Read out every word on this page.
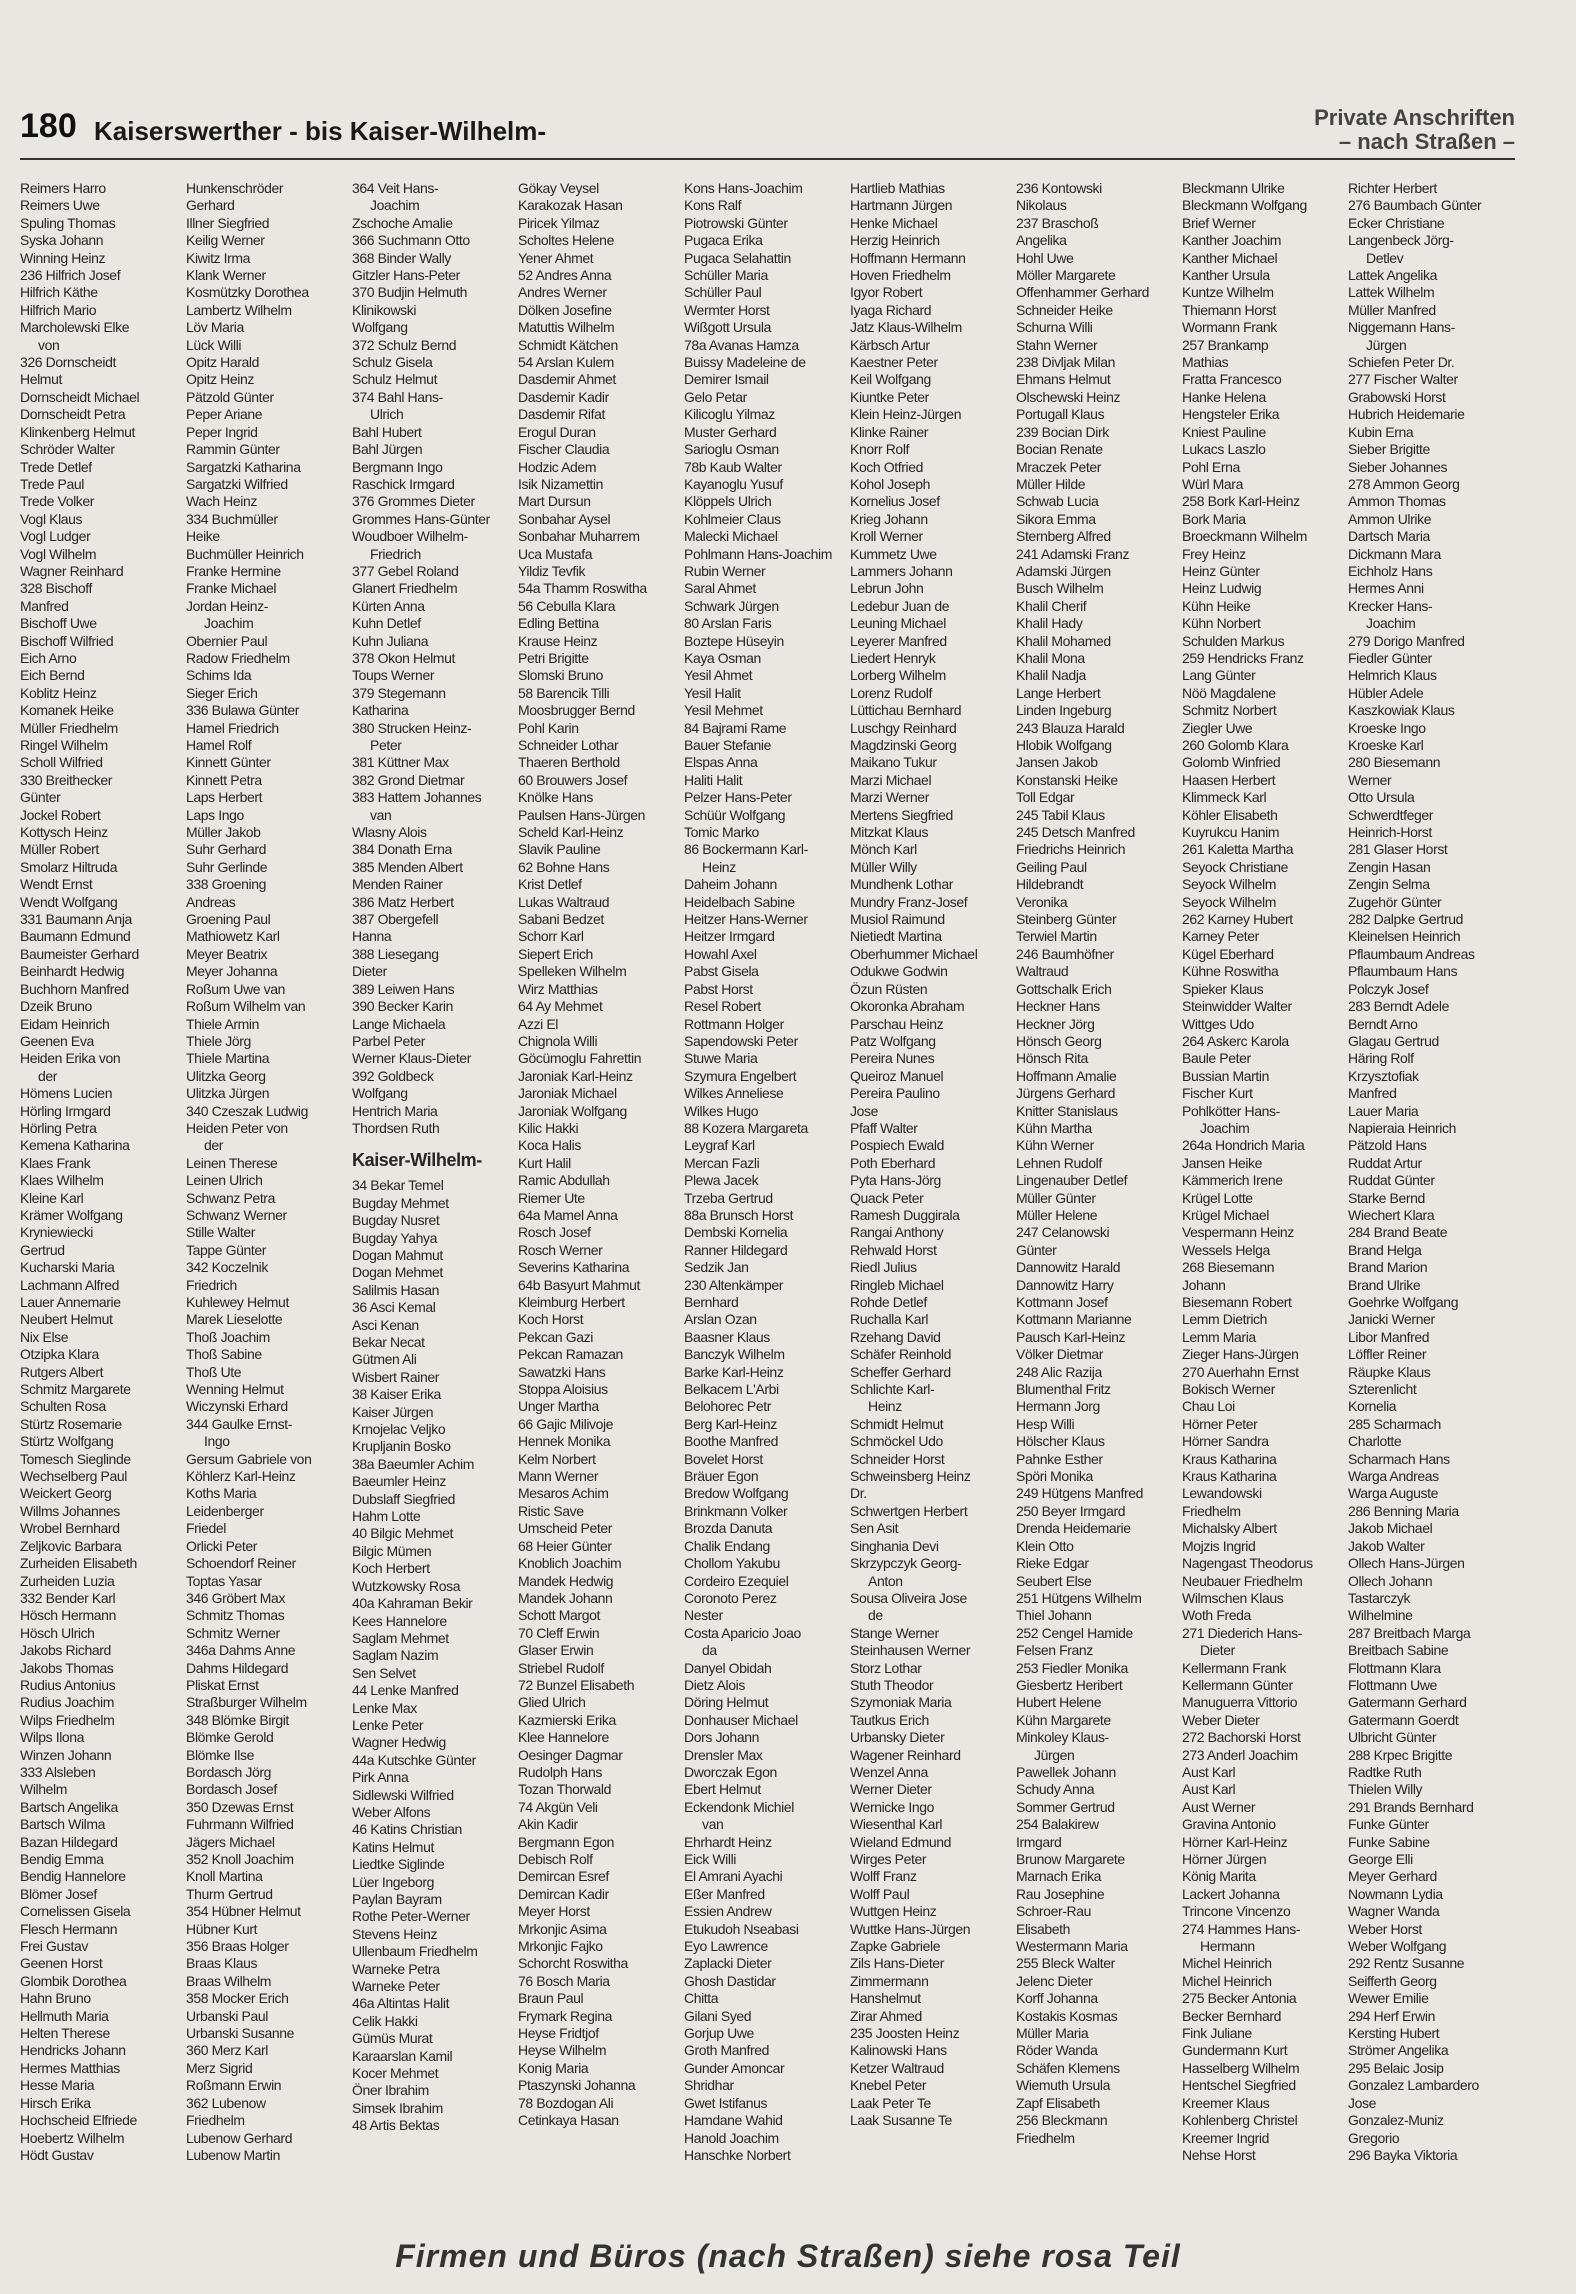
180 Kaiserswerther - bis Kaiser-Wilhelm-	Private Anschriften
– nach Straßen –
Reimers Harro
Reimers Uwe
Spuling Thomas
Syska Johann
Winning Heinz
236 Hilfrich Josef
Hilfrich Käthe
Hilfrich Mario
Marcholewski Elke
von
326 Dornscheidt
Helmut
Dornscheidt Michael
Dornscheidt Petra
Klinkenberg Helmut
Schröder Walter
Trede Detlef
Trede Paul
Trede Volker
Vogl Klaus
Vogl Ludger
Vogl Wilhelm
Wagner Reinhard
328 Bischoff
Manfred
Bischoff Uwe
Bischoff Wilfried
Eich Arno
Eich Bernd
Koblitz Heinz
Komanek Heike
Müller Friedhelm
Ringel Wilhelm
Scholl Wilfried
330 Breithecker
Günter
Jockel Robert
Kottysch Heinz
Müller Robert
Smolarz Hiltruda
Wendt Ernst
Wendt Wolfgang
331 Baumann Anja
Baumann Edmund
Baumeister Gerhard
Beinhardt Hedwig
Buchhorn Manfred
Dzeik Bruno
Eidam Heinrich
Geenen Eva
Heiden Erika von
der
Hömens Lucien
Hörling Irmgard
Hörling Petra
Kemena Katharina
Klaes Frank
Klaes Wilhelm
Kleine Karl
Krämer Wolfgang
Kryniewiecki
Gertrud
Kucharski Maria
Lachmann Alfred
Lauer Annemarie
Neubert Helmut
Nix Else
Otzipka Klara
Rutgers Albert
Schmitz Margarete
Schulten Rosa
Stürtz Rosemarie
Stürtz Wolfgang
Tomesch Sieglinde
Wechselberg Paul
Weickert Georg
Willms Johannes
Wrobel Bernhard
Zeljkovic Barbara
Zurheiden Elisabeth
Zurheiden Luzia
332 Bender Karl
Hösch Hermann
Hösch Ulrich
Jakobs Richard
Jakobs Thomas
Rudius Antonius
Rudius Joachim
Wilps Friedhelm
Wilps Ilona
Winzen Johann
333 Alsleben
Wilhelm
Bartsch Angelika
Bartsch Wilma
Bazan Hildegard
Bendig Emma
Bendig Hannelore
Blömer Josef
Cornelissen Gisela
Flesch Hermann
Frei Gustav
Geenen Horst
Glombik Dorothea
Hahn Bruno
Hellmuth Maria
Helten Therese
Hendricks Johann
Hermes Matthias
Hesse Maria
Hirsch Erika
Hochscheid Elfriede
Hoebertz Wilhelm
Hödt Gustav
Hunkenschröder
Gerhard
Illner Siegfried
Keilig Werner
Kiwitz Irma
Klank Werner
Kosmützky Dorothea
Lambertz Wilhelm
Löv Maria
Lück Willi
Opitz Harald
Opitz Heinz
Pätzold Günter
Peper Ariane
Peper Ingrid
Rammin Günter
Sargatzki Katharina
Sargatzki Wilfried
Wach Heinz
334 Buchmüller
Heike
Buchmüller Heinrich
Franke Hermine
Franke Michael
Jordan Heinz-
Joachim
Obernier Paul
Radow Friedhelm
Schims Ida
Sieger Erich
336 Bulawa Günter
Hamel Friedrich
Hamel Rolf
Kinnett Günter
Kinnett Petra
Laps Herbert
Laps Ingo
Müller Jakob
Suhr Gerhard
Suhr Gerlinde
338 Groening
Andreas
Groening Paul
Mathiowetz Karl
Meyer Beatrix
Meyer Johanna
Roßum Uwe van
Roßum Wilhelm van
Thiele Armin
Thiele Jörg
Thiele Martina
Ulitzka Georg
Ulitzka Jürgen
340 Czeszak Ludwig
Heiden Peter von
der
Leinen Therese
Leinen Ulrich
Schwanz Petra
Schwanz Werner
Stille Walter
Tappe Günter
342 Koczelnik
Friedrich
Kuhlewey Helmut
Marek Lieselotte
Thoß Joachim
Thoß Sabine
Thoß Ute
Wenning Helmut
Wiczynski Erhard
344 Gaulke Ernst-
Ingo
Gersum Gabriele von
Köhlerz Karl-Heinz
Koths Maria
Leidenberger
Friedel
Orlicki Peter
Schoendorf Reiner
Toptas Yasar
346 Gröbert Max
Schmitz Thomas
Schmitz Werner
346a Dahms Anne
Dahms Hildegard
Pliskat Ernst
Straßburger Wilhelm
348 Blömke Birgit
Blömke Gerold
Blömke Ilse
Bordasch Jörg
Bordasch Josef
350 Dzewas Ernst
Fuhrmann Wilfried
Jägers Michael
352 Knoll Joachim
Knoll Martina
Thurm Gertrud
354 Hübner Helmut
Hübner Kurt
356 Braas Holger
Braas Klaus
Braas Wilhelm
358 Mocker Erich
Urbanski Paul
Urbanski Susanne
360 Merz Karl
Merz Sigrid
Roßmann Erwin
362 Lubenow
Friedhelm
Lubenow Gerhard
Lubenow Martin
364 Veit Hans-
Joachim
Zschoche Amalie
366 Suchmann Otto
368 Binder Wally
Gitzler Hans-Peter
370 Budjin Helmuth
Klinikowski
Wolfgang
372 Schulz Bernd
Schulz Gisela
Schulz Helmut
374 Bahl Hans-
Ulrich
Bahl Hubert
Bahl Jürgen
Bergmann Ingo
Raschick Irmgard
376 Grommes Dieter
Grommes Hans-Günter
Woudboer Wilhelm-
Friedrich
377 Gebel Roland
Glanert Friedhelm
Kürten Anna
Kuhn Detlef
Kuhn Juliana
378 Okon Helmut
Toups Werner
379 Stegemann
Katharina
380 Strucken Heinz-
Peter
381 Küttner Max
382 Grond Dietmar
383 Hattem Johannes
van
Wlasny Alois
384 Donath Erna
385 Menden Albert
Menden Rainer
386 Matz Herbert
387 Obergefell
Hanna
388 Liesegang
Dieter
389 Leiwen Hans
390 Becker Karin
Lange Michaela
Parbel Peter
Werner Klaus-Dieter
392 Goldbeck
Wolfgang
Hentrich Maria
Thordsen Ruth
Kaiser-Wilhelm-
34 Bekar Temel
Bugday Mehmet
Bugday Nusret
Bugday Yahya
Dogan Mahmut
Dogan Mehmet
Salilmis Hasan
36 Asci Kemal
Asci Kenan
Bekar Necat
Gütmen Ali
Wisbert Rainer
38 Kaiser Erika
Kaiser Jürgen
Krnojelac Veljko
Krupljanin Bosko
38a Baeumler Achim
Baeumler Heinz
Dubslaff Siegfried
Hahm Lotte
40 Bilgic Mehmet
Bilgic Mümen
Koch Herbert
Wutzkowsky Rosa
40a Kahraman Bekir
Kees Hannelore
Saglam Mehmet
Saglam Nazim
Sen Selvet
44 Lenke Manfred
Lenke Max
Lenke Peter
Wagner Hedwig
44a Kutschke Günter
Pirk Anna
Sidlewski Wilfried
Weber Alfons
46 Katins Christian
Katins Helmut
Liedtke Siglinde
Lüer Ingeborg
Paylan Bayram
Rothe Peter-Werner
Stevens Heinz
Ullenbaum Friedhelm
Warneke Petra
Warneke Peter
46a Altintas Halit
Celik Hakki
Gümüs Murat
Karaarslan Kamil
Kocer Mehmet
Öner Ibrahim
Simsek Ibrahim
48 Artis Bektas
Gökay Veysel
Karakozak Hasan
Piricek Yilmaz
Scholtes Helene
Yener Ahmet
52 Andres Anna
Andres Werner
Dölken Josefine
Matuttis Wilhelm
Schmidt Kätchen
54 Arslan Kulem
Dasdemir Ahmet
Dasdemir Kadir
Dasdemir Rifat
Erogul Duran
Fischer Claudia
Hodzic Adem
Isik Nizamettin
Mart Dursun
Sonbahar Aysel
Sonbahar Muharrem
Uca Mustafa
Yildiz Tevfik
54a Thamm Roswitha
56 Cebulla Klara
Edling Bettina
Krause Heinz
Petri Brigitte
Slomski Bruno
58 Barencik Tilli
Moosbrugger Bernd
Pohl Karin
Schneider Lothar
Thaeren Berthold
60 Brouwers Josef
Knölke Hans
Paulsen Hans-Jürgen
Scheld Karl-Heinz
Slavik Pauline
62 Bohne Hans
Krist Detlef
Lukas Waltraud
Sabani Bedzet
Schorr Karl
Siepert Erich
Spelleken Wilhelm
Wirz Matthias
64 Ay Mehmet
Azzi El
Chignola Willi
Göcümoglu Fahrettin
Jaroniak Karl-Heinz
Jaroniak Michael
Jaroniak Wolfgang
Kilic Hakki
Koca Halis
Kurt Halil
Ramic Abdullah
Riemer Ute
64a Mamel Anna
Rosch Josef
Rosch Werner
Severins Katharina
64b Basyurt Mahmut
Kleimburg Herbert
Koch Horst
Pekcan Gazi
Pekcan Ramazan
Sawatzki Hans
Stoppa Aloisius
Unger Martha
66 Gajic Milivoje
Hennek Monika
Kelm Norbert
Mann Werner
Mesaros Achim
Ristic Save
Umscheid Peter
68 Heier Günter
Knoblich Joachim
Mandek Hedwig
Mandek Johann
Schott Margot
70 Cleff Erwin
Glaser Erwin
Striebel Rudolf
72 Bunzel Elisabeth
Glied Ulrich
Kazmierski Erika
Klee Hannelore
Oesinger Dagmar
Rudolph Hans
Tozan Thorwald
74 Akgün Veli
Akin Kadir
Bergmann Egon
Debisch Rolf
Demircan Esref
Demircan Kadir
Meyer Horst
Mrkonjic Asima
Mrkonjic Fajko
Schorcht Roswitha
76 Bosch Maria
Braun Paul
Frymark Regina
Heyse Fridtjof
Heyse Wilhelm
Konig Maria
Ptaszynski Johanna
78 Bozdogan Ali
Cetinkaya Hasan
Kons Hans-Joachim
Kons Ralf
Piotrowski Günter
Pugaca Erika
Pugaca Selahattin
Schüller Maria
Schüller Paul
Wermter Horst
Wißgott Ursula
78a Avanas Hamza
Buissy Madeleine de
Demirer Ismail
Gelo Petar
Kilicoglu Yilmaz
Muster Gerhard
Sarioglu Osman
78b Kaub Walter
Kayanoglu Yusuf
Klöppels Ulrich
Kohlmeier Claus
Malecki Michael
Pohlmann Hans-Joachim
Rubin Werner
Saral Ahmet
Schwark Jürgen
80 Arslan Faris
Boztepe Hüseyin
Kaya Osman
Yesil Ahmet
Yesil Halit
Yesil Mehmet
84 Bajrami Rame
Bauer Stefanie
Elspas Anna
Haliti Halit
Pelzer Hans-Peter
Schüür Wolfgang
Tomic Marko
86 Bockermann Karl-
Heinz
Daheim Johann
Heidelbach Sabine
Heitzer Hans-Werner
Heitzer Irmgard
Howahl Axel
Pabst Gisela
Pabst Horst
Resel Robert
Rottmann Holger
Sapendowski Peter
Stuwe Maria
Szymura Engelbert
Wilkes Anneliese
Wilkes Hugo
88 Kozera Margareta
Leygraf Karl
Mercan Fazli
Plewa Jacek
Trzeba Gertrud
88a Brunsch Horst
Dembski Kornelia
Ranner Hildegard
Sedzik Jan
230 Altenkämper
Bernhard
Arslan Ozan
Baasner Klaus
Banczyk Wilhelm
Barke Karl-Heinz
Belkacem L'Arbi
Belohorec Petr
Berg Karl-Heinz
Boothe Manfred
Bovelet Horst
Bräuer Egon
Bredow Wolfgang
Brinkmann Volker
Brozda Danuta
Chalik Endang
Chollom Yakubu
Cordeiro Ezequiel
Coronoto Perez
Nester
Costa Aparicio Joao
da
Danyel Obidah
Dietz Alois
Döring Helmut
Donhauser Michael
Dors Johann
Drensler Max
Dworczak Egon
Ebert Helmut
Eckendonk Michiel
van
Ehrhardt Heinz
Eick Willi
El Amrani Ayachi
Eßer Manfred
Essien Andrew
Etukudoh Nseabasi
Eyo Lawrence
Zaplacki Dieter
Ghosh Dastidar
Chitta
Gilani Syed
Gorjup Uwe
Groth Manfred
Gunder Amoncar
Shridhar
Gwet Istifanus
Hamdane Wahid
Hanold Joachim
Hanschke Norbert
Hartlieb Mathias
Hartmann Jürgen
Henke Michael
Herzig Heinrich
Hoffmann Hermann
Hoven Friedhelm
Igyor Robert
Iyaga Richard
Jatz Klaus-Wilhelm
Kärbsch Artur
Kaestner Peter
Keil Wolfgang
Kiuntke Peter
Klein Heinz-Jürgen
Klinke Rainer
Knorr Rolf
Koch Otfried
Kohol Joseph
Kornelius Josef
Krieg Johann
Kroll Werner
Kummetz Uwe
Lammers Johann
Lebrun John
Ledebur Juan de
Leuning Michael
Leyerer Manfred
Liedert Henryk
Lorberg Wilhelm
Lorenz Rudolf
Lüttichau Bernhard
Luschgy Reinhard
Magdzinski Georg
Maikano Tukur
Marzi Michael
Marzi Werner
Mertens Siegfried
Mitzkat Klaus
Mönch Karl
Müller Willy
Mundhenk Lothar
Mundry Franz-Josef
Musiol Raimund
Nietiedt Martina
Oberhummer Michael
Odukwe Godwin
Özun Rüsten
Okoronka Abraham
Parschau Heinz
Patz Wolfgang
Pereira Nunes
Queiroz Manuel
Pereira Paulino
Jose
Pfaff Walter
Pospiech Ewald
Poth Eberhard
Pyta Hans-Jörg
Quack Peter
Ramesh Duggirala
Rangai Anthony
Rehwald Horst
Riedl Julius
Ringleb Michael
Rohde Detlef
Ruchalla Karl
Rzehang David
Schäfer Reinhold
Scheffer Gerhard
Schlichte Karl-
Heinz
Schmidt Helmut
Schmöckel Udo
Schneider Horst
Schweinsberg Heinz
Dr.
Schwertgen Herbert
Sen Asit
Singhania Devi
Skrzypczyk Georg-
Anton
Sousa Oliveira Jose
de
Stange Werner
Steinhausen Werner
Storz Lothar
Stuth Theodor
Szymoniak Maria
Tautkus Erich
Urbansky Dieter
Wagener Reinhard
Wenzel Anna
Werner Dieter
Wernicke Ingo
Wiesenthal Karl
Wieland Edmund
Wirges Peter
Wolff Franz
Wolff Paul
Wuttgen Heinz
Wuttke Hans-Jürgen
Zapke Gabriele
Zils Hans-Dieter
Zimmermann
Hanshelmut
Zirar Ahmed
235 Joosten Heinz
Kalinowski Hans
Ketzer Waltraud
Knebel Peter
Laak Peter Te
Laak Susanne Te
236 Kontowski
Nikolaus
237 Braschoß
Angelika
Hohl Uwe
Möller Margarete
Offenhammer Gerhard
Schneider Heike
Schurna Willi
Stahn Werner
238 Divljak Milan
Ehmans Helmut
Olschewski Heinz
Portugall Klaus
239 Bocian Dirk
Bocian Renate
Mraczek Peter
Müller Hilde
Schwab Lucia
Sikora Emma
Sternberg Alfred
241 Adamski Franz
Adamski Jürgen
Busch Wilhelm
Khalil Cherif
Khalil Hady
Khalil Mohamed
Khalil Mona
Khalil Nadja
Lange Herbert
Linden Ingeburg
243 Blauza Harald
Hlobik Wolfgang
Jansen Jakob
Konstanski Heike
Toll Edgar
245 Tabil Klaus
245 Detsch Manfred
Friedrichs Heinrich
Geiling Paul
Hildebrandt
Veronika
Steinberg Günter
Terwiel Martin
246 Baumhöfner
Waltraud
Gottschalk Erich
Heckner Hans
Heckner Jörg
Hönsch Georg
Hönsch Rita
Hoffmann Amalie
Jürgens Gerhard
Knitter Stanislaus
Kühn Martha
Kühn Werner
Lehnen Rudolf
Lingenauber Detlef
Müller Günter
Müller Helene
247 Celanowski
Günter
Dannowitz Harald
Dannowitz Harry
Kottmann Josef
Kottmann Marianne
Pausch Karl-Heinz
Völker Dietmar
248 Alic Razija
Blumenthal Fritz
Hermann Jorg
Hesp Willi
Hölscher Klaus
Pahnke Esther
Spöri Monika
249 Hütgens Manfred
250 Beyer Irmgard
Drenda Heidemarie
Klein Otto
Rieke Edgar
Seubert Else
251 Hütgens Wilhelm
Thiel Johann
252 Cengel Hamide
Felsen Franz
253 Fiedler Monika
Giesbertz Heribert
Hubert Helene
Kühn Margarete
Minkoley Klaus-
Jürgen
Pawellek Johann
Schudy Anna
Sommer Gertrud
254 Balakirew
Irmgard
Brunow Margarete
Marnach Erika
Rau Josephine
Schroer-Rau
Elisabeth
Westermann Maria
255 Bleck Walter
Jelenc Dieter
Korff Johanna
Kostakis Kosmas
Müller Maria
Röder Wanda
Schäfen Klemens
Wiemuth Ursula
Zapf Elisabeth
256 Bleckmann
Friedhelm
Bleckmann Ulrike
Bleckmann Wolfgang
Brief Werner
Kanther Joachim
Kanther Michael
Kanther Ursula
Kuntze Wilhelm
Thiemann Horst
Wormann Frank
257 Brankamp
Mathias
Fratta Francesco
Hanke Helena
Hengsteler Erika
Kniest Pauline
Lukacs Laszlo
Pohl Erna
Würl Mara
258 Bork Karl-Heinz
Bork Maria
Broeckmann Wilhelm
Frey Heinz
Heinz Günter
Heinz Ludwig
Kühn Heike
Kühn Norbert
Schulden Markus
259 Hendricks Franz
Lang Günter
Nöö Magdalene
Schmitz Norbert
Ziegler Uwe
260 Golomb Klara
Golomb Winfried
Haasen Herbert
Klimmeck Karl
Köhler Elisabeth
Kuyrukcu Hanim
261 Kaletta Martha
Seyock Christiane
Seyock Wilhelm
Seyock Wilhelm
262 Karney Hubert
Karney Peter
Kügel Eberhard
Kühne Roswitha
Spieker Klaus
Steinwidder Walter
Wittges Udo
264 Askerc Karola
Baule Peter
Bussian Martin
Fischer Kurt
Pohlkötter Hans-
Joachim
264a Hondrich Maria
Jansen Heike
Kämmerich Irene
Krügel Lotte
Krügel Michael
Vespermann Heinz
Wessels Helga
268 Biesemann
Johann
Biesemann Robert
Lemm Dietrich
Lemm Maria
Zieger Hans-Jürgen
270 Auerhahn Ernst
Bokisch Werner
Chau Loi
Hörner Peter
Hörner Sandra
Kraus Katharina
Kraus Katharina
Lewandowski
Friedhelm
Michalsky Albert
Mojzis Ingrid
Nagengast Theodorus
Neubauer Friedhelm
Wilmschen Klaus
Woth Freda
271 Diederich Hans-
Dieter
Kellermann Frank
Kellermann Günter
Manuguerra Vittorio
Weber Dieter
272 Bachorski Horst
273 Anderl Joachim
Aust Karl
Aust Karl
Aust Werner
Gravina Antonio
Hörner Karl-Heinz
Hörner Jürgen
König Marita
Lackert Johanna
Trincone Vincenzo
274 Hammes Hans-
Hermann
Michel Heinrich
Michel Heinrich
275 Becker Antonia
Becker Bernhard
Fink Juliane
Gundermann Kurt
Hasselberg Wilhelm
Hentschel Siegfried
Kreemer Klaus
Kohlenberg Christel
Kreemer Ingrid
Nehse Horst
Richter Herbert
276 Baumbach Günter
Ecker Christiane
Langenbeck Jörg-
Detlev
Lattek Angelika
Lattek Wilhelm
Müller Manfred
Niggemann Hans-
Jürgen
Schiefen Peter Dr.
277 Fischer Walter
Grabowski Horst
Hubrich Heidemarie
Kubin Erna
Sieber Brigitte
Sieber Johannes
278 Ammon Georg
Ammon Thomas
Ammon Ulrike
Dartsch Maria
Dickmann Mara
Eichholz Hans
Hermes Anni
Krecker Hans-
Joachim
279 Dorigo Manfred
Fiedler Günter
Helmrich Klaus
Hübler Adele
Kaszkowiak Klaus
Kroeske Ingo
Kroeske Karl
280 Biesemann
Werner
Otto Ursula
Schwerdtfeger
Heinrich-Horst
281 Glaser Horst
Zengin Hasan
Zengin Selma
Zugehör Günter
282 Dalpke Gertrud
Kleinelsen Heinrich
Pflaumbaum Andreas
Pflaumbaum Hans
Polczyk Josef
283 Berndt Adele
Berndt Arno
Glagau Gertrud
Häring Rolf
Krzysztofiak
Manfred
Lauer Maria
Napieraia Heinrich
Pätzold Hans
Ruddat Artur
Ruddat Günter
Starke Bernd
Wiechert Klara
284 Brand Beate
Brand Helga
Brand Marion
Brand Ulrike
Goehrke Wolfgang
Janicki Werner
Libor Manfred
Löffler Reiner
Räupke Klaus
Szterenlicht
Kornelia
285 Scharmach
Charlotte
Scharmach Hans
Warga Andreas
Warga Auguste
286 Benning Maria
Jakob Michael
Jakob Walter
Ollech Hans-Jürgen
Ollech Johann
Tastarczyk
Wilhelmine
287 Breitbach Marga
Breitbach Sabine
Flottmann Klara
Flottmann Uwe
Gatermann Gerhard
Gatermann Goerdt
Ulbricht Günter
288 Krpec Brigitte
Radtke Ruth
Thielen Willy
291 Brands Bernhard
Funke Günter
Funke Sabine
George Elli
Meyer Gerhard
Nowmann Lydia
Wagner Wanda
Weber Horst
Weber Wolfgang
292 Rentz Susanne
Seifferth Georg
Wewer Emilie
294 Herf Erwin
Kersting Hubert
Strömer Angelika
295 Belaic Josip
Gonzalez Lambardero
Jose
Gonzalez-Muniz
Gregorio
296 Bayka Viktoria
Firmen und Büros (nach Straßen) siehe rosa Teil
